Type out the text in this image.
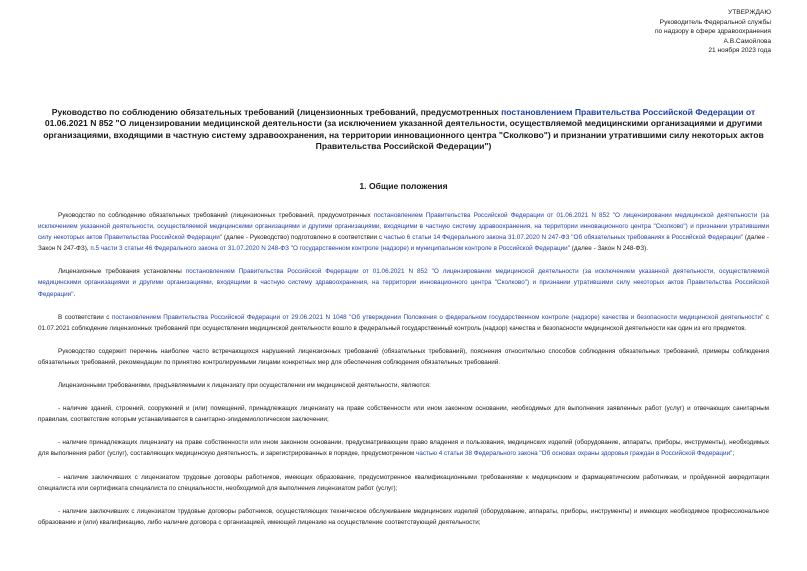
УТВЕРЖДАЮ
Руководитель Федеральной службы
по надзору в сфере здравоохранения
А.В.Самойлова
21 ноября 2023 года
Руководство по соблюдению обязательных требований (лицензионных требований, предусмотренных постановлением Правительства Российской Федерации от 01.06.2021 N 852 "О лицензировании медицинской деятельности (за исключением указанной деятельности, осуществляемой медицинскими организациями и другими организациями, входящими в частную систему здравоохранения, на территории инновационного центра "Сколково") и признании утратившими силу некоторых актов Правительства Российской Федерации")
1. Общие положения

Руководство по соблюдению обязательных требований (лицензионных требований, предусмотренных постановлением Правительства Российской Федерации от 01.06.2021 N 852 "О лицензировании медицинской деятельности (за исключением указанной деятельности, осуществляемой медицинскими организациями и другими организациями, входящими в частную систему здравоохранения, на территории инновационного центра "Сколково") и признании утратившими силу некоторых актов Правительства Российской Федерации" (далее - Руководство) подготовлено в соответствии с частью 6 статьи 14 Федерального закона 31.07.2020 N 247-ФЗ "Об обязательных требованиях в Российской Федерации" (далее - Закон N 247-ФЗ), п.5 части 3 статьи 46 Федерального закона от 31.07.2020 N 248-ФЗ "О государственном контроле (надзоре) и муниципальном контроле в Российской Федерации" (далее - Закон N 248-ФЗ).

Лицензионные требования установлены постановлением Правительства Российской Федерации от 01.06.2021 N 852 "О лицензировании медицинской деятельности (за исключением указанной деятельности, осуществляемой медицинскими организациями и другими организациями, входящими в частную систему здравоохранения, на территории инновационного центра "Сколково") и признании утратившими силу некоторых актов Правительства Российской Федерации".

В соответствии с постановлением Правительства Российской Федерации от 29.06.2021 N 1048 "Об утверждении Положения о федеральном государственном контроле (надзоре) качества и безопасности медицинской деятельности" с 01.07.2021 соблюдение лицензионных требований при осуществлении медицинской деятельности вошло в федеральный государственный контроль (надзор) качества и безопасности медицинской деятельности как один из его предметов.

Руководство содержит перечень наиболее часто встречающихся нарушений лицензионных требований (обязательных требований), пояснения относительно способов соблюдения обязательных требований, примеры соблюдения обязательных требований, рекомендации по принятию контролируемыми лицами конкретных мер для обеспечения соблюдения обязательных требований.

Лицензионными требованиями, предъявляемыми к лицензиату при осуществлении им медицинской деятельности, являются:

- наличие зданий, строений, сооружений и (или) помещений, принадлежащих лицензиату на праве собственности или ином законном основании, необходимых для выполнения заявленных работ (услуг) и отвечающих санитарным правилам, соответствие которым устанавливается в санитарно-эпидемиологическом заключении;

- наличие принадлежащих лицензиату на праве собственности или ином законном основании, предусматривающем право владения и пользования, медицинских изделий (оборудование, аппараты, приборы, инструменты), необходимых для выполнения работ (услуг), составляющих медицинскую деятельность, и зарегистрированных в порядке, предусмотренном частью 4 статьи 38 Федерального закона "Об основах охраны здоровья граждан в Российской Федерации";

- наличие заключивших с лицензиатом трудовые договоры работников, имеющих образование, предусмотренное квалификационными требованиями к медицинским и фармацевтическим работникам, и пройденной аккредитации специалиста или сертификата специалиста по специальности, необходимой для выполнения лицензиатом работ (услуг);

- наличие заключивших с лицензиатом трудовые договоры работников, осуществляющих техническое обслуживание медицинских изделий (оборудование, аппараты, приборы, инструменты) и имеющих необходимое профессиональное образование и (или) квалификацию, либо наличие договора с организацией, имеющей лицензию на осуществление соответствующей деятельности;
